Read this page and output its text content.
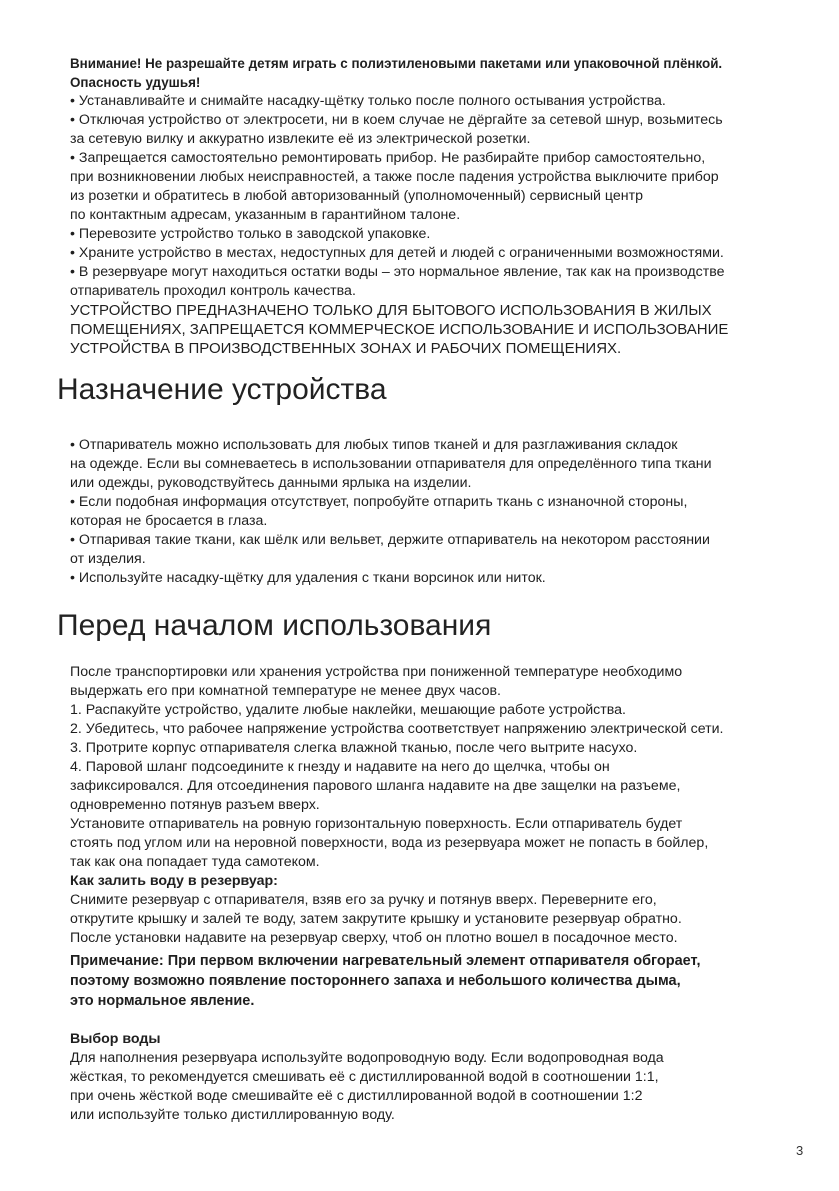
Внимание! Не разрешайте детям играть с полиэтиленовыми пакетами или упаковочной плёнкой.
Опасность удушья!
• Устанавливайте и снимайте насадку-щётку только после полного остывания устройства.
• Отключая устройство от электросети, ни в коем случае не дёргайте за сетевой шнур, возьмитесь
за сетевую вилку и аккуратно извлеките её из электрической розетки.
• Запрещается самостоятельно ремонтировать прибор. Не разбирайте прибор самостоятельно,
при возникновении любых неисправностей, а также после падения устройства выключите прибор
из розетки и обратитесь в любой авторизованный (уполномоченный) сервисный центр
по контактным адресам, указанным в гарантийном талоне.
• Перевозите устройство только в заводской упаковке.
• Храните устройство в местах, недоступных для детей и людей с ограниченными возможностями.
• В резервуаре могут находиться остатки воды – это нормальное явление, так как на производстве
отпариватель проходил контроль качества.
УСТРОЙСТВО ПРЕДНАЗНАЧЕНО ТОЛЬКО ДЛЯ БЫТОВОГО ИСПОЛЬЗОВАНИЯ В ЖИЛЫХ
ПОМЕЩЕНИЯХ, ЗАПРЕЩАЕТСЯ КОММЕРЧЕСКОЕ ИСПОЛЬЗОВАНИЕ И ИСПОЛЬЗОВАНИЕ
УСТРОЙСТВА В ПРОИЗВОДСТВЕННЫХ ЗОНАХ И РАБОЧИХ ПОМЕЩЕНИЯХ.
Назначение устройства
• Отпариватель можно использовать для любых типов тканей и для разглаживания складок
на одежде. Если вы сомневаетесь в использовании отпаривателя для определённого типа ткани
или одежды, руководствуйтесь данными ярлыка на изделии.
• Если подобная информация отсутствует, попробуйте отпарить ткань с изнаночной стороны,
которая не бросается в глаза.
• Отпаривая такие ткани, как шёлк или вельвет, держите отпариватель на некотором расстоянии
от изделия.
• Используйте насадку-щётку для удаления с ткани ворсинок или ниток.
Перед началом использования
После транспортировки или хранения устройства при пониженной температуре необходимо
выдержать его при комнатной температуре не менее двух часов.
1. Распакуйте устройство, удалите любые наклейки, мешающие работе устройства.
2. Убедитесь, что рабочее напряжение устройства соответствует напряжению электрической сети.
3. Протрите корпус отпаривателя слегка влажной тканью, после чего вытрите насухо.
4. Паровой шланг подсоедините к гнезду и надавите на него до щелчка, чтобы он
зафиксировался. Для отсоединения парового шланга надавите на две защелки на разъеме,
одновременно потянув разъем вверх.
Установите отпариватель на ровную горизонтальную поверхность. Если отпариватель будет
стоять под углом или на неровной поверхности, вода из резервуара может не попасть в бойлер,
так как она попадает туда самотеком.
Как залить воду в резервуар:
Снимите резервуар с отпаривателя, взяв его за ручку и потянув вверх. Переверните его,
открутите крышку и залей те воду, затем закрутите крышку и установите резервуар обратно.
После установки надавите на резервуар сверху, чтоб он плотно вошел в посадочное место.
Примечание: При первом включении нагревательный элемент отпаривателя обгорает,
поэтому возможно появление постороннего запаха и небольшого количества дыма,
это нормальное явление.
Выбор воды
Для наполнения резервуара используйте водопроводную воду. Если водопроводная вода
жёсткая, то рекомендуется смешивать её с дистиллированной водой в соотношении 1:1,
при очень жёсткой воде смешивайте её с дистиллированной водой в соотношении 1:2
или используйте только дистиллированную воду.
3
